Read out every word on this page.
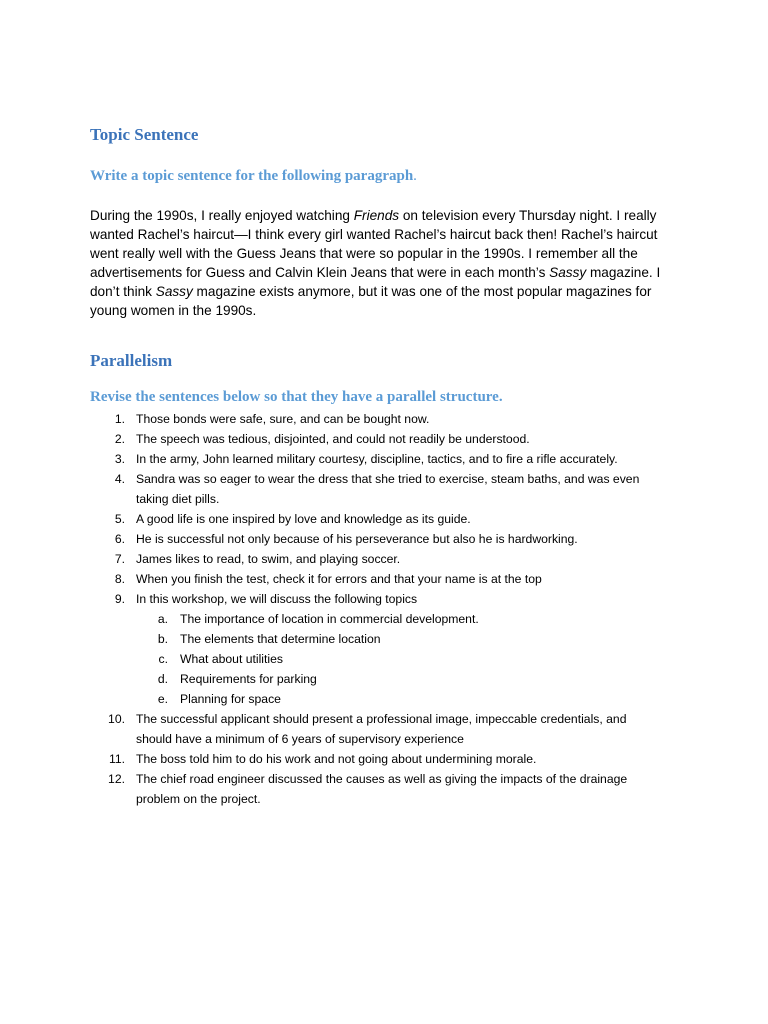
Topic Sentence
Write a topic sentence for the following paragraph.

During the 1990s, I really enjoyed watching Friends on television every Thursday night. I really

wanted Rachel’s haircut—I think every girl wanted Rachel’s haircut back then! Rachel’s haircut

went really well with the Guess Jeans that were so popular in the 1990s. I remember all the

advertisements for Guess and Calvin Klein Jeans that were in each month’s Sassy magazine. I

don’t think Sassy magazine exists anymore, but it was one of the most popular magazines for

young women in the 1990s.

Parallelism
Revise the sentences below so that they have a parallel structure.
1. Those bonds were safe, sure, and can be bought now.
2. The speech was tedious, disjointed, and could not readily be understood.
3. In the army, John learned military courtesy, discipline, tactics, and to fire a rifle accurately.
4. Sandra was so eager to wear the dress that she tried to exercise, steam baths, and was even
taking diet pills.
5. A good life is one inspired by love and knowledge as its guide.
6. He is successful not only because of his perseverance but also he is hardworking.
7. James likes to read, to swim, and playing soccer.
8. When you finish the test, check it for errors and that your name is at the top
9. In this workshop, we will discuss the following topics
a. The importance of location in commercial development.
b. The elements that determine location
c. What about utilities
d. Requirements for parking
e. Planning for space
10. The successful applicant should present a professional image, impeccable credentials, and
should have a minimum of 6 years of supervisory experience
11. The boss told him to do his work and not going about undermining morale.
12. The chief road engineer discussed the causes as well as giving the impacts of the drainage
problem on the project.
